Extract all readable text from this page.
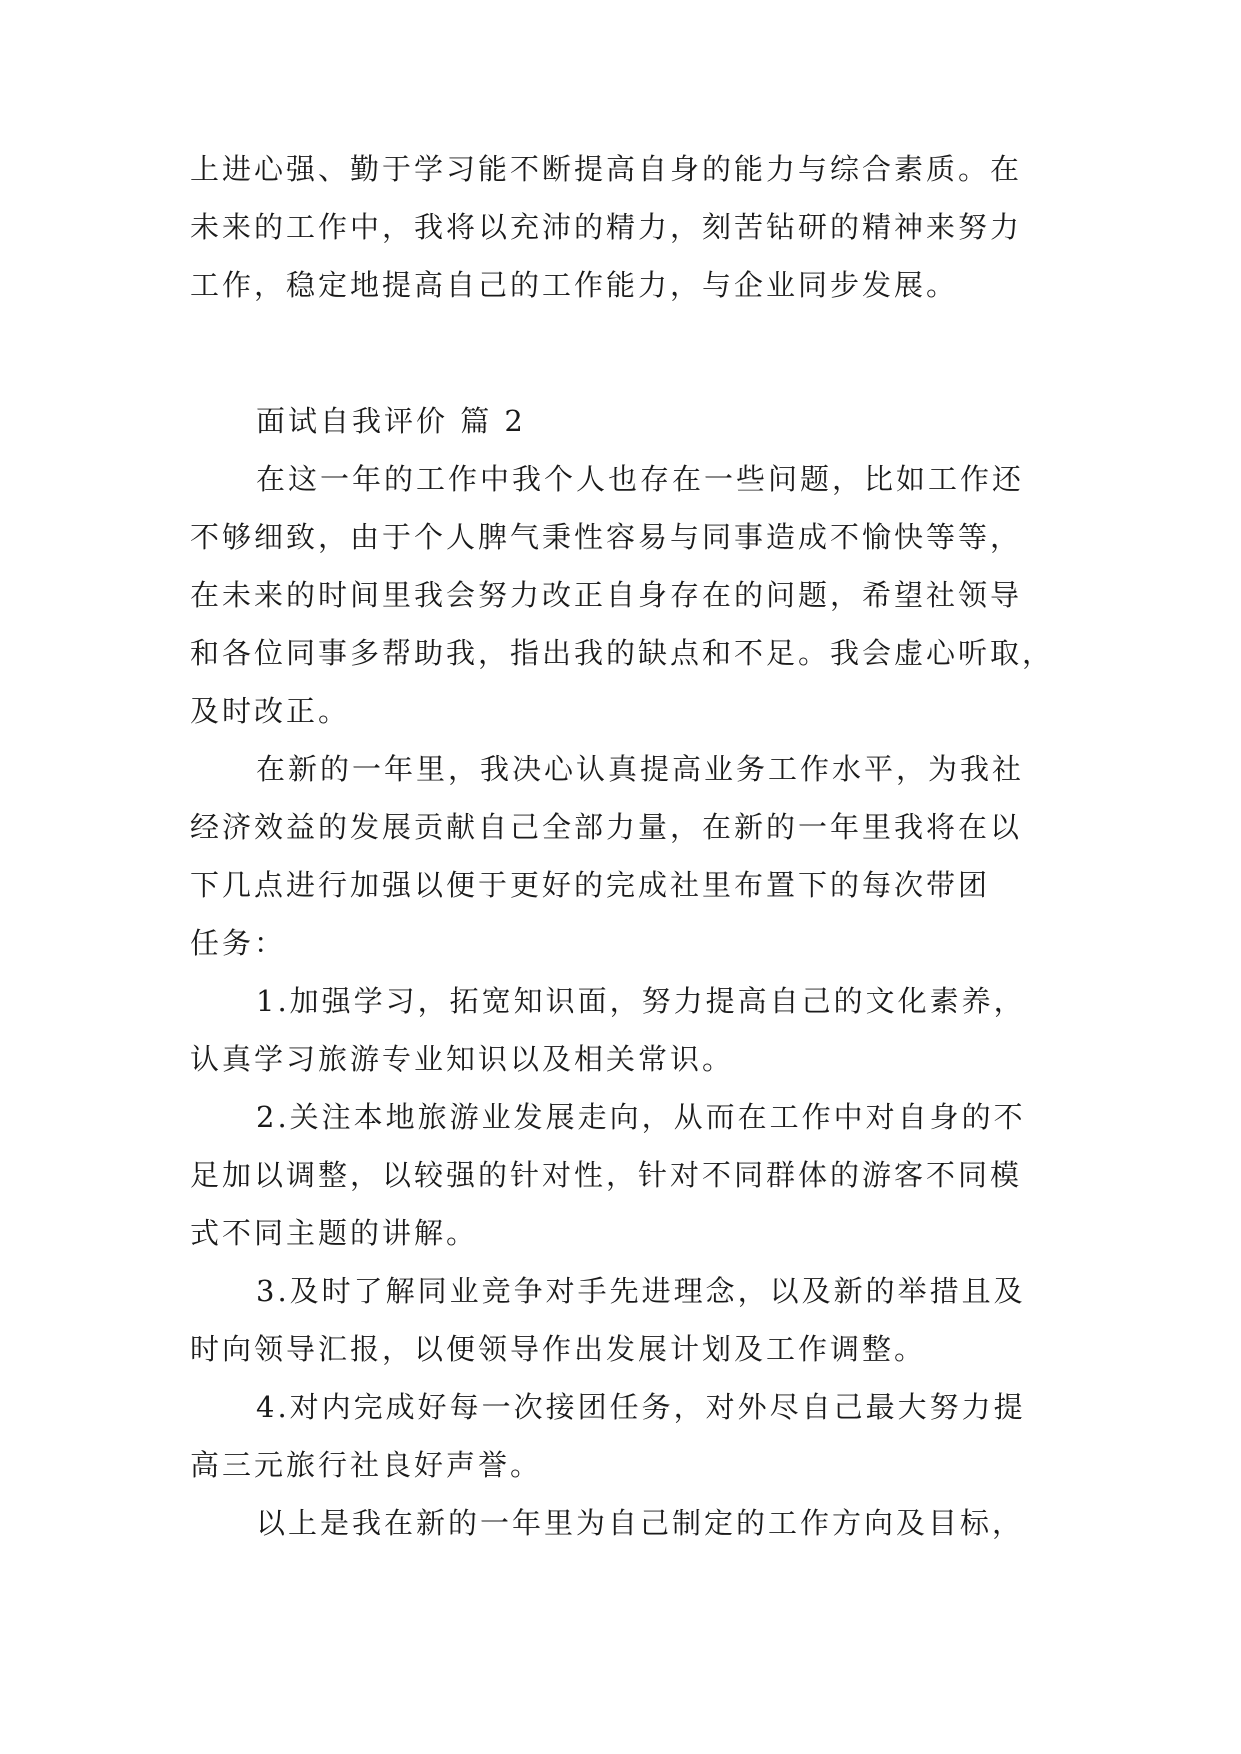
上进心强、勤于学习能不断提高自身的能力与综合素质。在
未来的工作中，我将以充沛的精力，刻苦钻研的精神来努力
工作，稳定地提高自己的工作能力，与企业同步发展。

面试自我评价 篇 2

在这一年的工作中我个人也存在一些问题，比如工作还
不够细致，由于个人脾气秉性容易与同事造成不愉快等等，
在未来的时间里我会努力改正自身存在的问题，希望社领导
和各位同事多帮助我，指出我的缺点和不足。我会虚心听取，
及时改正。

在新的一年里，我决心认真提高业务工作水平，为我社
经济效益的发展贡献自己全部力量，在新的一年里我将在以
下几点进行加强以便于更好的完成社里布置下的每次带团
任务：

1.加强学习，拓宽知识面，努力提高自己的文化素养，
认真学习旅游专业知识以及相关常识。

2.关注本地旅游业发展走向，从而在工作中对自身的不
足加以调整，以较强的针对性，针对不同群体的游客不同模
式不同主题的讲解。

3.及时了解同业竞争对手先进理念，以及新的举措且及
时向领导汇报，以便领导作出发展计划及工作调整。

4.对内完成好每一次接团任务，对外尽自己最大努力提
高三元旅行社良好声誉。

以上是我在新的一年里为自己制定的工作方向及目标，
